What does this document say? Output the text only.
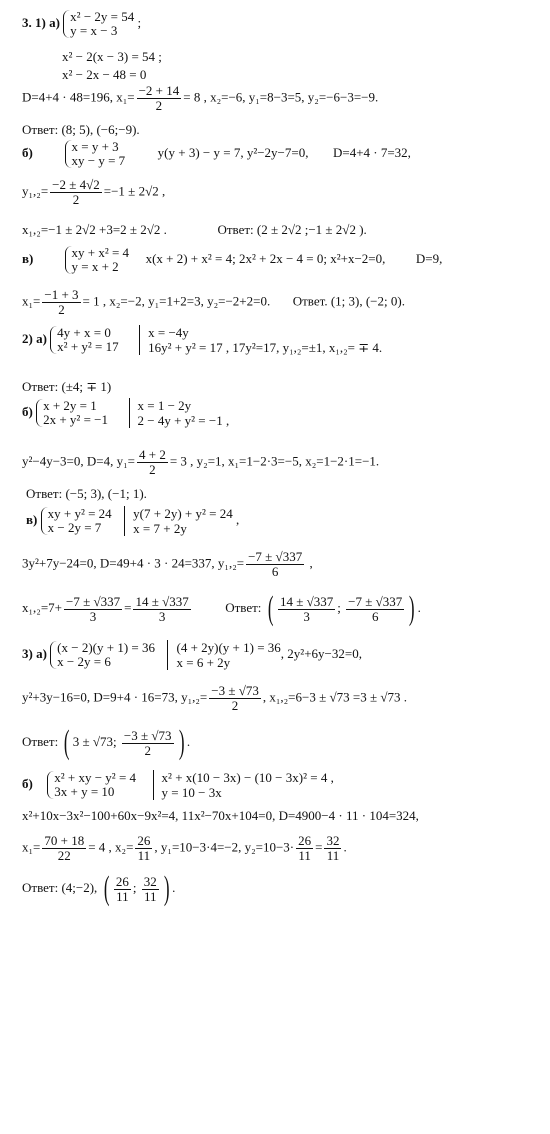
3. 1) а) x² − 2y = 54
y = x − 3
;
x² − 2(x − 3) = 54 ;
x² − 2x − 48 = 0
D=4+4 · 48=196, $x_1= \frac{-2 + 14}{2} = 8$ , x₂=−6, y₁=8−3=5, y₂=−6−3=−9.
Ответ: (8; 5), (−6;−9).
б)	x = y + 3
xy − y = 7
y(y + 3) − y = 7, y²−2y−7=0, D=4+4 · 7=32,
$y_1,_2= \frac{-2 \pm 4√2}{2} =-1 \pm 2√2$ ,
x₁,₂=−1 ± 2√2 +3=2 ± 2√2 .	Ответ: (2 ± 2√2 ;−1 ± 2√2 ).
в)	xy + x² = 4
y = x + 2
x(x + 2) + x² = 4; 2x² + 2x − 4 = 0; x²+x−2=0, D=9,
$x_1= \frac{-1 + 3}{2} = 1$ , x₂=−2, y₁=1+2=3, y₂=−2+2=0. Ответ. (1; 3), (−2; 0).
2) а) 4y + x = 0
x² + y² = 17

x = −4y
16y² + y² = 17 , 17y²=17, y₁,₂=±1, x₁,₂= ∓ 4.
Ответ: (±4; ∓ 1)
б) x + 2y = 1
2x + y² = −1

x = 1 − 2y
2 − 4y + y² = −1 ,
y²−4y−3=0, D=4, $y_1= \frac{4 + 2}{2} = 3$ , y₂=1, x₁=1−2·3=−5, x₂=1−2·1=−1.
Ответ: (−5; 3), (−1; 1).
в) xy + y² = 24
x − 2y = 7

y(7 + 2y) + y² = 24
x = 7 + 2y
,
3y²+7y−24=0, D=49+4 · 3 · 24=337, $y_1,_2= \frac{-7 \pm √337}{6}$ ,
$x_1,_2=7+ \frac{-7 \pm √337}{3} = \frac{14 \pm √337}{3}$	Ответ: ( $\frac{14 \pm √337}{3}$ ; $\frac{-7 \pm √337}{6}$ ) .
3) а) (x − 2)(y + 1) = 36
x − 2y = 6

(4 + 2y)(y + 1) = 36
x = 6 + 2y
, 2y²+6y−32=0,
y²+3y−16=0, D=9+4 · 16=73, $y_1,_2= \frac{-3 \pm √73}{2}$ , x₁,₂=6−3 ± √73 =3 ± √73 .
Ответ: ( 3 ± √73; $\frac{-3 \pm √73}{2}$ ) .
б) x² + xy − y² = 4
3x + y = 10

x² + x(10 − 3x) − (10 − 3x)² = 4 ,
y = 10 − 3x
x²+10x−3x²−100+60x−9x²=4, 11x²−70x+104=0, D=4900−4 · 11 · 104=324,
$x_1= \frac{70 + 18}{22} = 4$ , $x_2= \frac{26}{11}$ , y₁=10−3·4=−2, $y_2=10-3\cdot \frac{26}{11} = \frac{32}{11}$ .
Ответ: (4;−2), ( $\frac{26}{11}$ ; $\frac{32}{11}$ ) .
